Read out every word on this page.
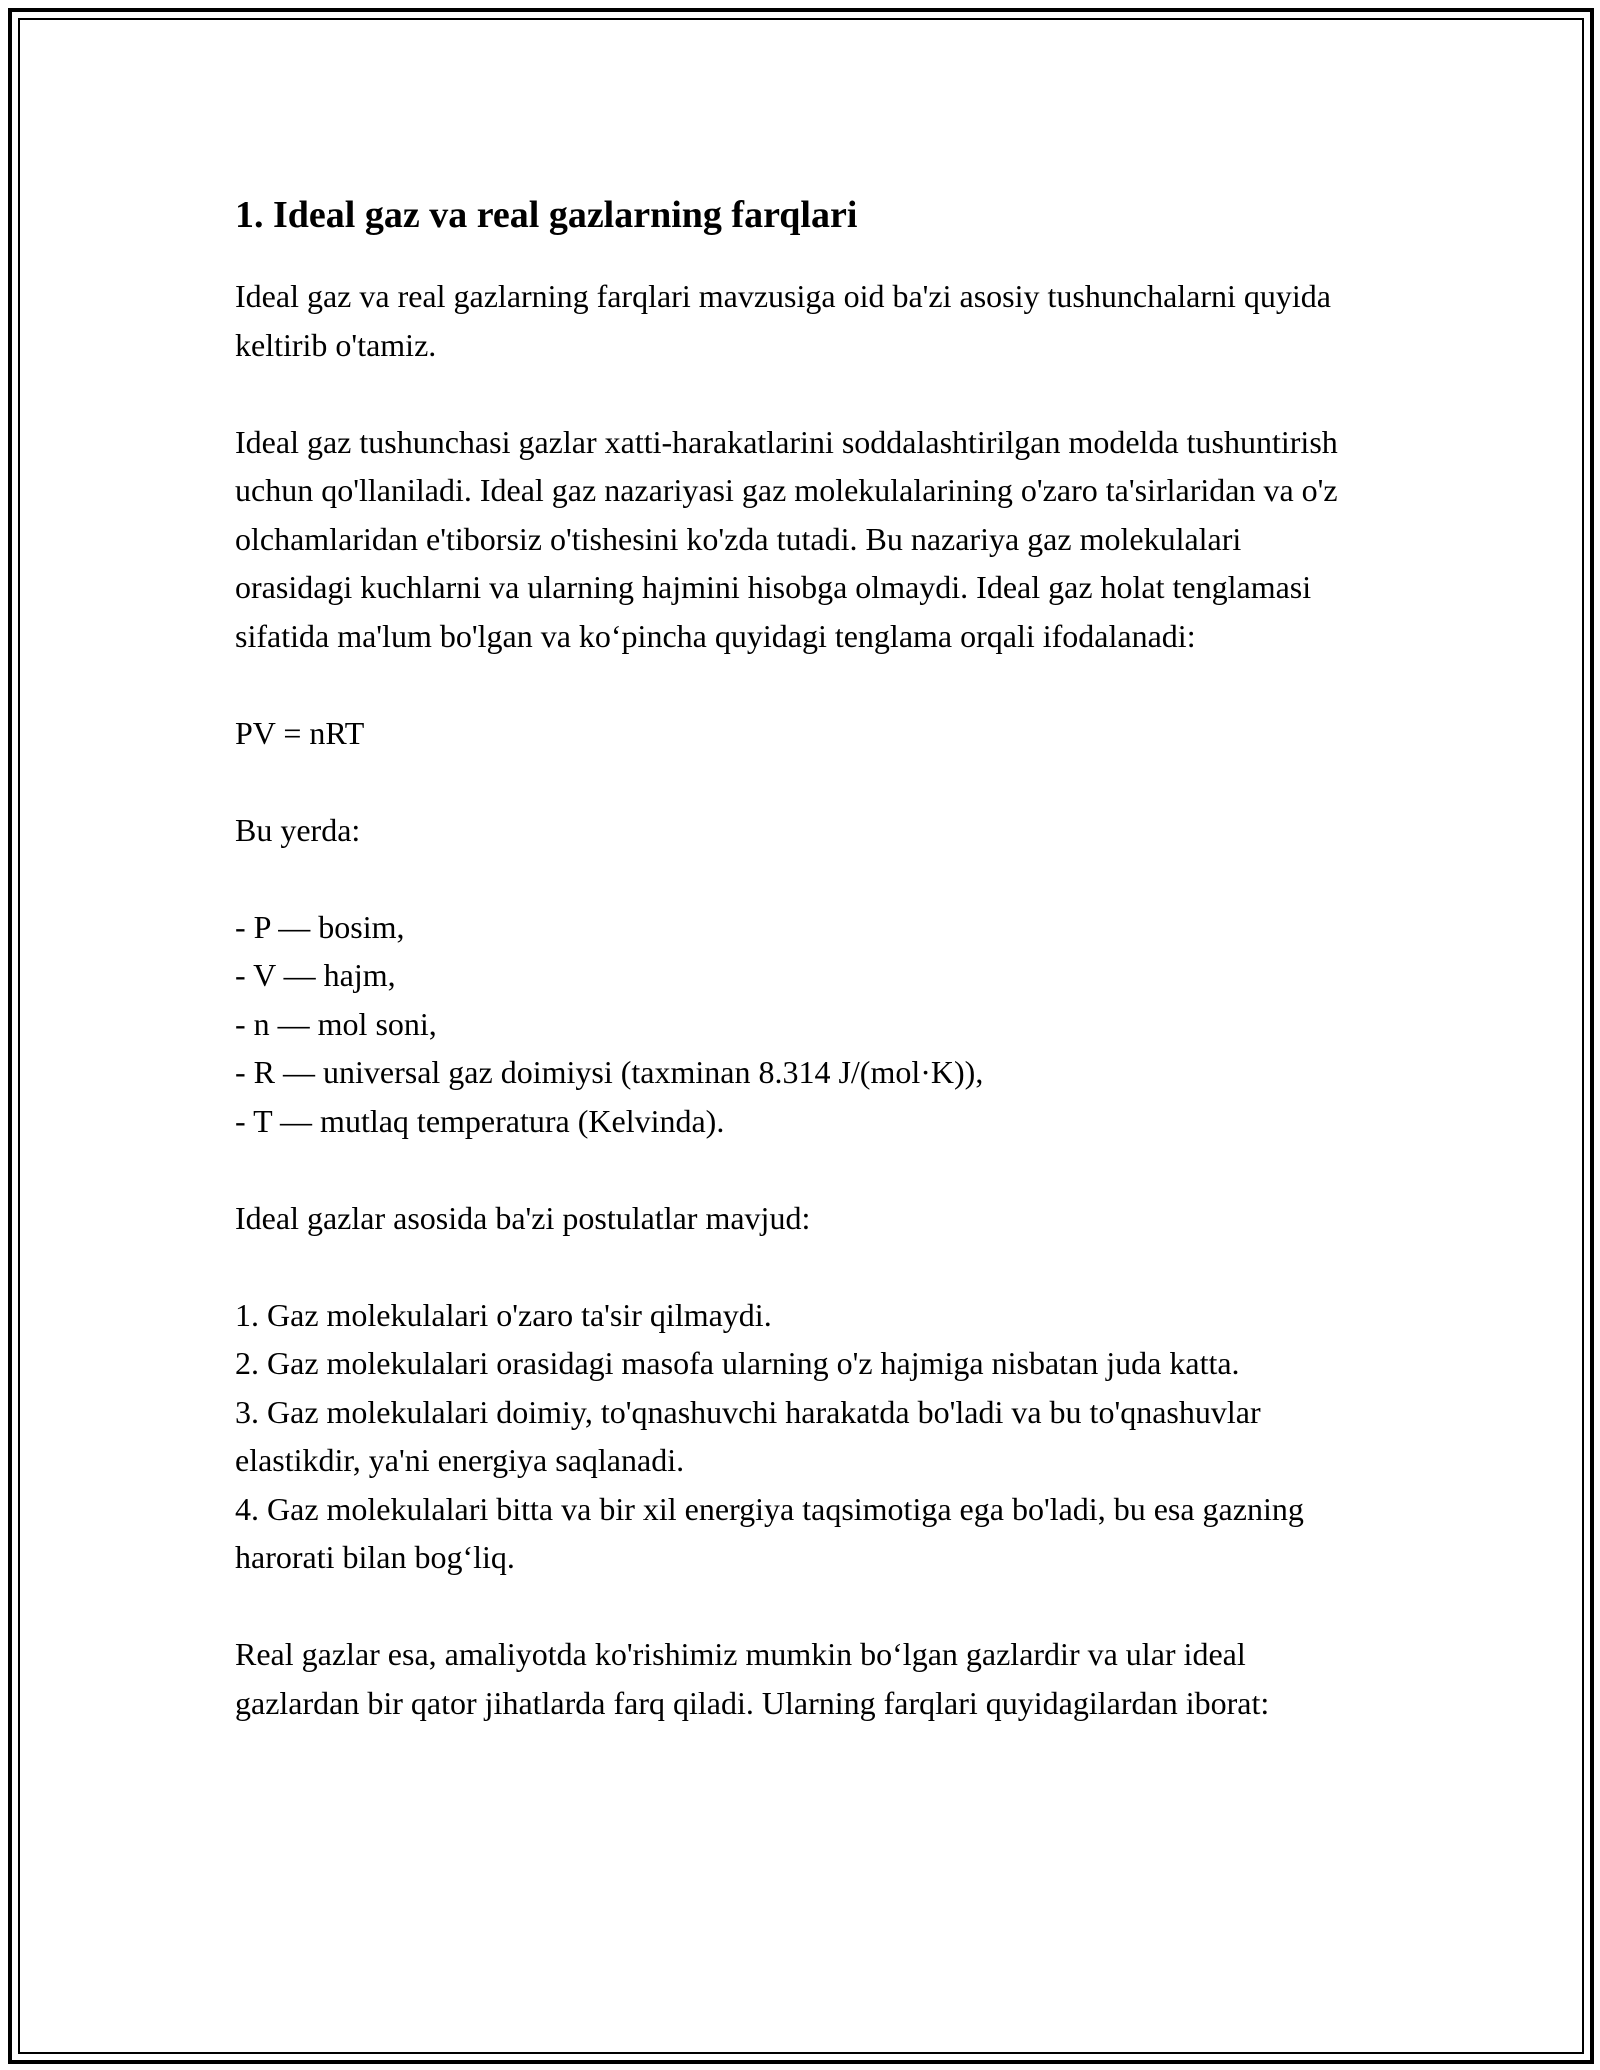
1. Ideal gaz va real gazlarning farqlari

Ideal gaz va real gazlarning farqlari mavzusiga oid ba'zi asosiy tushunchalarni quyida keltirib o'tamiz.

Ideal gaz tushunchasi gazlar xatti-harakatlarini soddalashtirilgan modelda tushuntirish uchun qo'llaniladi. Ideal gaz nazariyasi gaz molekulalarining o'zaro ta'sirlaridan va o'z olchamlaridan e'tiborsiz o'tishesini ko'zda tutadi. Bu nazariya gaz molekulalari orasidagi kuchlarni va ularning hajmini hisobga olmaydi. Ideal gaz holat tenglamasi sifatida ma'lum bo'lgan va ko‘pincha quyidagi tenglama orqali ifodalanadi:

PV = nRT

Bu yerda:

- P — bosim,

- V — hajm,

- n — mol soni,

- R — universal gaz doimiysi (taxminan 8.314 J/(mol·K)),

- T — mutlaq temperatura (Kelvinda).

Ideal gazlar asosida ba'zi postulatlar mavjud:

1. Gaz molekulalari o'zaro ta'sir qilmaydi.

2. Gaz molekulalari orasidagi masofa ularning o'z hajmiga nisbatan juda katta.

3. Gaz molekulalari doimiy, to'qnashuvchi harakatda bo'ladi va bu to'qnashuvlar elastikdir, ya'ni energiya saqlanadi.

4. Gaz molekulalari bitta va bir xil energiya taqsimotiga ega bo'ladi, bu esa gazning harorati bilan bog‘liq.

Real gazlar esa, amaliyotda ko'rishimiz mumkin bo‘lgan gazlardir va ular ideal gazlardan bir qator jihatlarda farq qiladi. Ularning farqlari quyidagilardan iborat:
